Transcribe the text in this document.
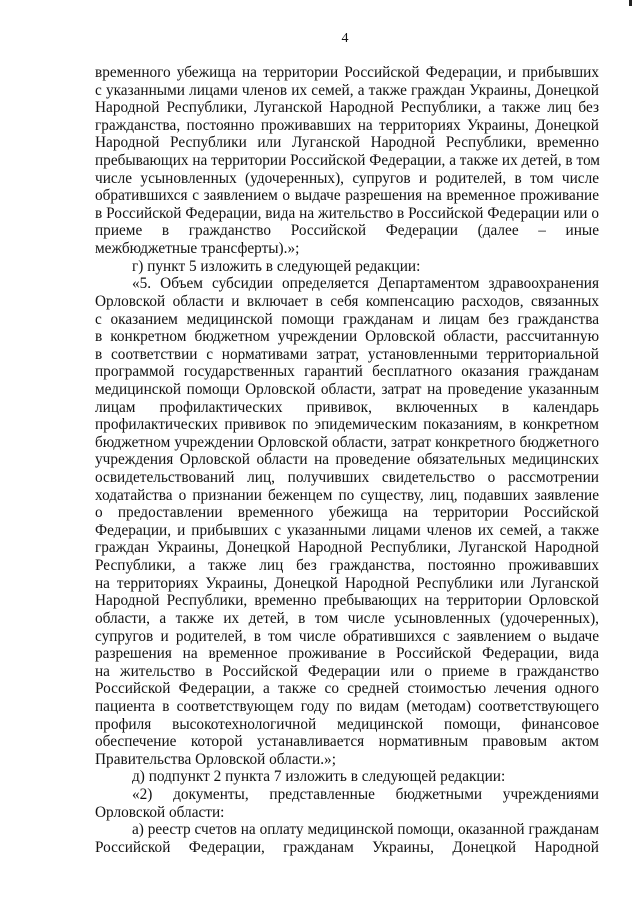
4
временного убежища на территории Российской Федерации, и прибывших
с указанными лицами членов их семей, а также граждан Украины, Донецкой
Народной Республики, Луганской Народной Республики, а также лиц без
гражданства, постоянно проживавших на территориях Украины, Донецкой
Народной Республики или Луганской Народной Республики, временно
пребывающих на территории Российской Федерации, а также их детей, в том
числе усыновленных (удочеренных), супругов и родителей, в том числе
обратившихся с заявлением о выдаче разрешения на временное проживание
в Российской Федерации, вида на жительство в Российской Федерации или о
приеме в гражданство Российской Федерации (далее – иные
межбюджетные трансферты).»;
г) пункт 5 изложить в следующей редакции:
«5. Объем субсидии определяется Департаментом здравоохранения
Орловской области и включает в себя компенсацию расходов, связанных
с оказанием медицинской помощи гражданам и лицам без гражданства
в конкретном бюджетном учреждении Орловской области, рассчитанную
в соответствии с нормативами затрат, установленными территориальной
программой государственных гарантий бесплатного оказания гражданам
медицинской помощи Орловской области, затрат на проведение указанным
лицам профилактических прививок, включенных в календарь
профилактических прививок по эпидемическим показаниям, в конкретном
бюджетном учреждении Орловской области, затрат конкретного бюджетного
учреждения Орловской области на проведение обязательных медицинских
освидетельствований лиц, получивших свидетельство о рассмотрении
ходатайства о признании беженцем по существу, лиц, подавших заявление
о предоставлении временного убежища на территории Российской
Федерации, и прибывших с указанными лицами членов их семей, а также
граждан Украины, Донецкой Народной Республики, Луганской Народной
Республики, а также лиц без гражданства, постоянно проживавших
на территориях Украины, Донецкой Народной Республики или Луганской
Народной Республики, временно пребывающих на территории Орловской
области, а также их детей, в том числе усыновленных (удочеренных),
супругов и родителей, в том числе обратившихся с заявлением о выдаче
разрешения на временное проживание в Российской Федерации, вида
на жительство в Российской Федерации или о приеме в гражданство
Российской Федерации, а также со средней стоимостью лечения одного
пациента в соответствующем году по видам (методам) соответствующего
профиля высокотехнологичной медицинской помощи, финансовое
обеспечение которой устанавливается нормативным правовым актом
Правительства Орловской области.»;
д) подпункт 2 пункта 7 изложить в следующей редакции:
«2) документы, представленные бюджетными учреждениями
Орловской области:
а) реестр счетов на оплату медицинской помощи, оказанной гражданам
Российской Федерации, гражданам Украины, Донецкой Народной
